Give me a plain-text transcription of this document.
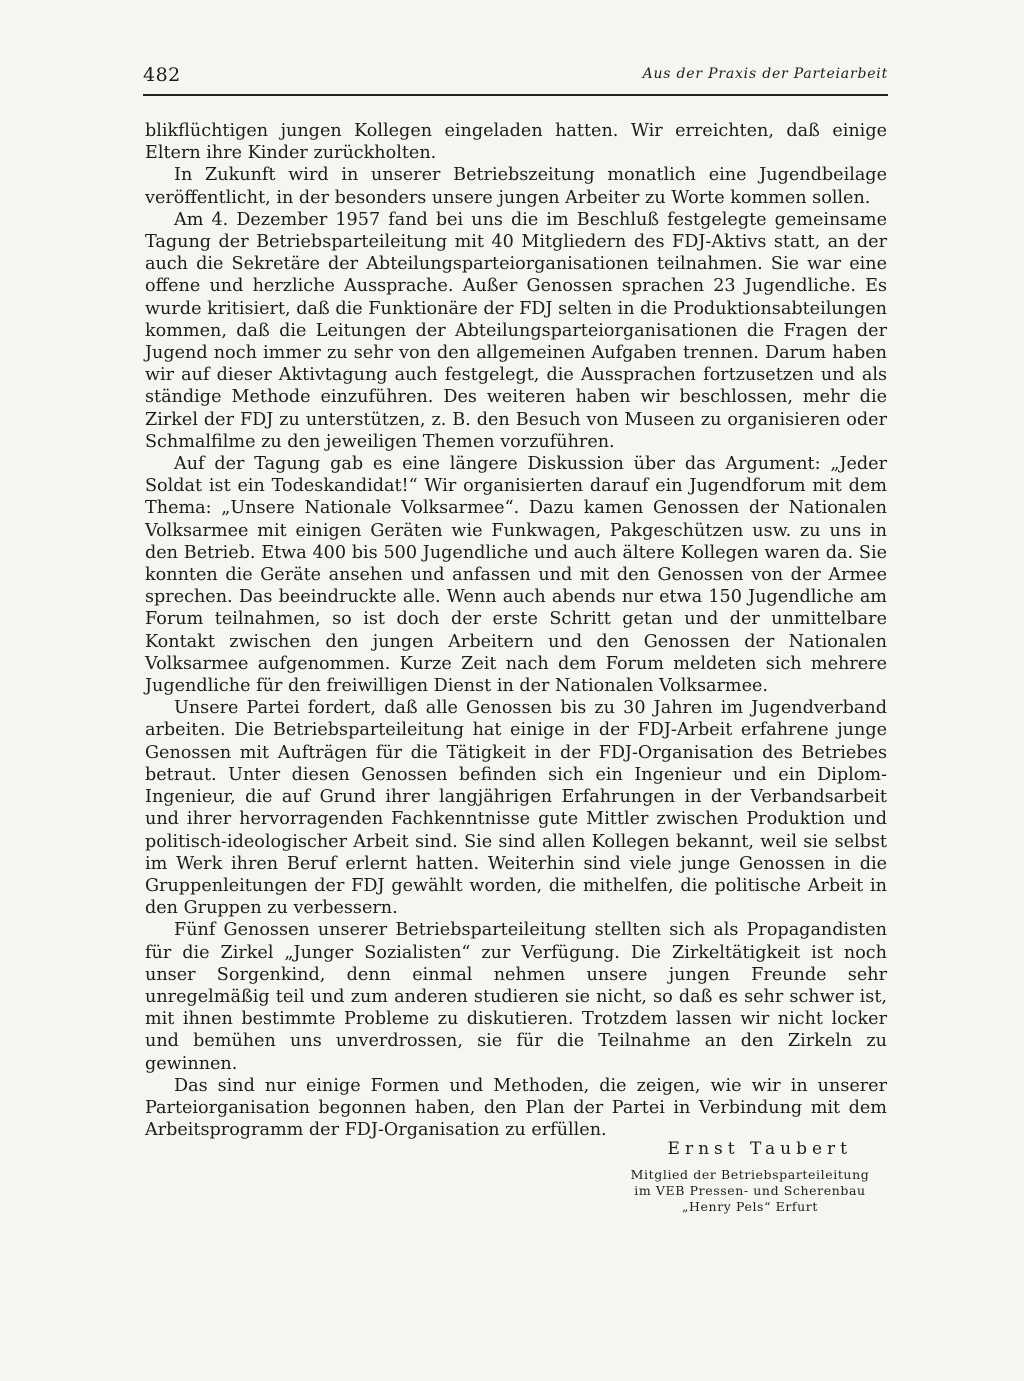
482	Aus der Praxis der Parteiarbeit

blikflüchtigen jungen Kollegen eingeladen hatten. Wir erreichten, daß einige Eltern ihre Kinder zurückholten.

In Zukunft wird in unserer Betriebszeitung monatlich eine Jugendbeilage veröffentlicht, in der besonders unsere jungen Arbeiter zu Worte kommen sollen.

Am 4. Dezember 1957 fand bei uns die im Beschluß festgelegte gemeinsame Tagung der Betriebsparteileitung mit 40 Mitgliedern des FDJ-Aktivs statt, an der auch die Sekretäre der Abteilungsparteiorganisationen teilnahmen. Sie war eine offene und herzliche Aussprache. Außer Genossen sprachen 23 Jugendliche. Es wurde kritisiert, daß die Funktionäre der FDJ selten in die Produktionsabteilungen kommen, daß die Leitungen der Abteilungsparteiorganisationen die Fragen der Jugend noch immer zu sehr von den allgemeinen Aufgaben trennen. Darum haben wir auf dieser Aktivtagung auch festgelegt, die Aussprachen fortzusetzen und als ständige Methode einzuführen. Des weiteren haben wir beschlossen, mehr die Zirkel der FDJ zu unterstützen, z. B. den Besuch von Museen zu organisieren oder Schmalfilme zu den jeweiligen Themen vorzuführen.

Auf der Tagung gab es eine längere Diskussion über das Argument: „Jeder Soldat ist ein Todeskandidat!“ Wir organisierten darauf ein Jugendforum mit dem Thema: „Unsere Nationale Volksarmee“. Dazu kamen Genossen der Nationalen Volksarmee mit einigen Geräten wie Funkwagen, Pakgeschützen usw. zu uns in den Betrieb. Etwa 400 bis 500 Jugendliche und auch ältere Kollegen waren da. Sie konnten die Geräte ansehen und anfassen und mit den Genossen von der Armee sprechen. Das beeindruckte alle. Wenn auch abends nur etwa 150 Jugendliche am Forum teilnahmen, so ist doch der erste Schritt getan und der unmittelbare Kontakt zwischen den jungen Arbeitern und den Genossen der Nationalen Volksarmee aufgenommen. Kurze Zeit nach dem Forum meldeten sich mehrere Jugendliche für den freiwilligen Dienst in der Nationalen Volksarmee.

Unsere Partei fordert, daß alle Genossen bis zu 30 Jahren im Jugendverband arbeiten. Die Betriebsparteileitung hat einige in der FDJ-Arbeit erfahrene junge Genossen mit Aufträgen für die Tätigkeit in der FDJ-Organisation des Betriebes betraut. Unter diesen Genossen befinden sich ein Ingenieur und ein Diplom-Ingenieur, die auf Grund ihrer langjährigen Erfahrungen in der Verbandsarbeit und ihrer hervorragenden Fachkenntnisse gute Mittler zwischen Produktion und politisch-ideologischer Arbeit sind. Sie sind allen Kollegen bekannt, weil sie selbst im Werk ihren Beruf erlernt hatten. Weiterhin sind viele junge Genossen in die Gruppenleitungen der FDJ gewählt worden, die mithelfen, die politische Arbeit in den Gruppen zu verbessern.

Fünf Genossen unserer Betriebsparteileitung stellten sich als Propagandisten für die Zirkel „Junger Sozialisten“ zur Verfügung. Die Zirkeltätigkeit ist noch unser Sorgenkind, denn einmal nehmen unsere jungen Freunde sehr unregelmäßig teil und zum anderen studieren sie nicht, so daß es sehr schwer ist, mit ihnen bestimmte Probleme zu diskutieren. Trotzdem lassen wir nicht locker und bemühen uns unverdrossen, sie für die Teilnahme an den Zirkeln zu gewinnen.

Das sind nur einige Formen und Methoden, die zeigen, wie wir in unserer Parteiorganisation begonnen haben, den Plan der Partei in Verbindung mit dem Arbeitsprogramm der FDJ-Organisation zu erfüllen.

Ernst Taubert
Mitglied der Betriebsparteileitung
im VEB Pressen- und Scherenbau
„Henry Pels“ Erfurt
